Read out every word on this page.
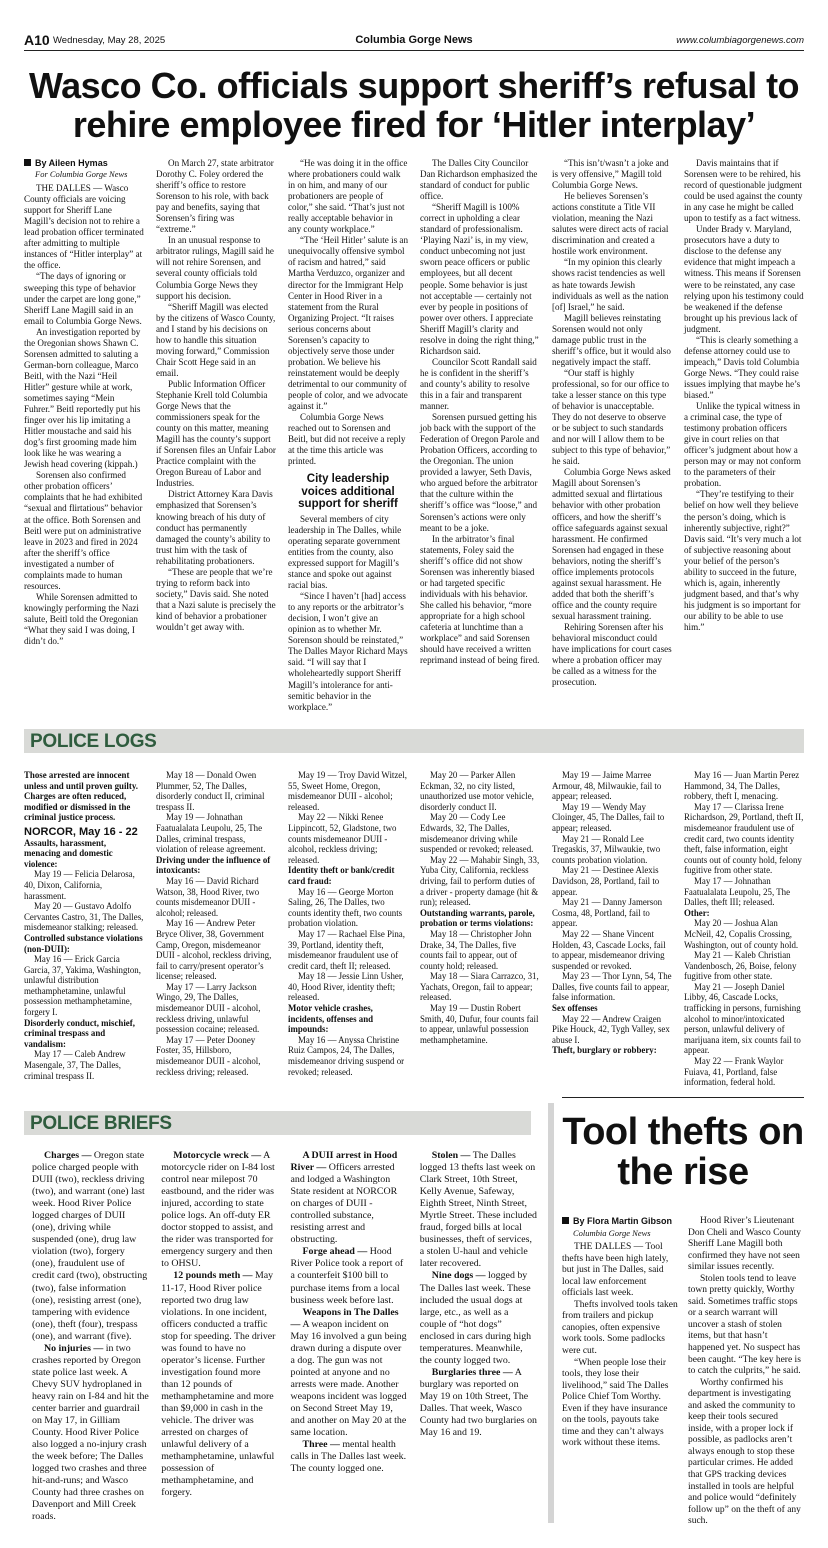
A10 Wednesday, May 28, 2025	Columbia Gorge News	www.columbiagorgenews.com
Wasco Co. officials support sheriff’s refusal to rehire employee fired for ‘Hitler interplay’
By Aileen Hymas
For Columbia Gorge News

THE DALLES — Wasco County officials are voicing support for Sheriff Lane Magill’s decision not to rehire a lead probation officer terminated after admitting to multiple instances of “Hitler interplay” at the office.

“The days of ignoring or sweeping this type of behavior under the carpet are long gone,” Sheriff Lane Magill said in an email to Columbia Gorge News.

An investigation reported by the Oregonian shows Shawn C. Sorensen admitted to saluting a German-born colleague, Marco Beitl, with the Nazi “Heil Hitler” gesture while at work, sometimes saying “Mein Fuhrer.” Beitl reportedly put his finger over his lip imitating a Hitler moustache and said his dog’s first grooming made him look like he was wearing a Jewish head covering (kippah.)

Sorensen also confirmed other probation officers’ complaints that he had exhibited “sexual and flirtatious” behavior at the office. Both Sorensen and Beitl were put on administrative leave in 2023 and fired in 2024 after the sheriff’s office investigated a number of complaints made to human resources.

While Sorensen admitted to knowingly performing the Nazi salute, Beitl told the Oregonian “What they said I was doing, I didn’t do.”

On March 27, state arbitrator Dorothy C. Foley ordered the sheriff’s office to restore Sorenson to his role, with back pay and benefits, saying that Sorensen’s firing was “extreme.”

In an unusual response to arbitrator rulings, Magill said he will not rehire Sorensen, and several county officials told Columbia Gorge News they support his decision.

“Sheriff Magill was elected by the citizens of Wasco County, and I stand by his decisions on how to handle this situation moving forward,” Commission Chair Scott Hege said in an email.

Public Information Officer Stephanie Krell told Columbia Gorge News that the commissioners speak for the county on this matter, meaning Magill has the county’s support if Sorensen files an Unfair Labor Practice complaint with the Oregon Bureau of Labor and Industries.

District Attorney Kara Davis emphasized that Sorensen’s knowing breach of his duty of conduct has permanently damaged the county’s ability to trust him with the task of rehabilitating probationers.

“These are people that we’re trying to reform back into society,” Davis said. She noted that a Nazi salute is precisely the kind of behavior a probationer wouldn’t get away with.

“He was doing it in the office where probationers could walk in on him, and many of our probationers are people of color,” she said. “That’s just not really acceptable behavior in any county workplace.”

“The ‘Heil Hitler’ salute is an unequivocally offensive symbol of racism and hatred,” said Martha Verduzco, organizer and director for the Immigrant Help Center in Hood River in a statement from the Rural Organizing Project. “It raises serious concerns about Sorensen’s capacity to objectively serve those under probation. We believe his reinstatement would be deeply detrimental to our community of people of color, and we advocate against it.”

Columbia Gorge News reached out to Sorensen and Beitl, but did not receive a reply at the time this article was printed.

City leadership voices additional support for sheriff

Several members of city leadership in The Dalles, while operating separate government entities from the county, also expressed support for Magill’s stance and spoke out against racial bias.

“Since I haven’t [had] access to any reports or the arbitrator’s decision, I won’t give an opinion as to whether Mr. Sorenson should be reinstated,” The Dalles Mayor Richard Mays said. “I will say that I wholeheartedly support Sheriff Magill’s intolerance for anti-semitic behavior in the workplace.”

The Dalles City Councilor Dan Richardson emphasized the standard of conduct for public office.

“Sheriff Magill is 100% correct in upholding a clear standard of professionalism. ‘Playing Nazi’ is, in my view, conduct unbecoming not just sworn peace officers or public employees, but all decent people. Some behavior is just not acceptable — certainly not ever by people in positions of power over others. I appreciate Sheriff Magill’s clarity and resolve in doing the right thing,” Richardson said.

Councilor Scott Randall said he is confident in the sheriff’s and county’s ability to resolve this in a fair and transparent manner.

Sorensen pursued getting his job back with the support of the Federation of Oregon Parole and Probation Officers, according to the Oregonian. The union provided a lawyer, Seth Davis, who argued before the arbitrator that the culture within the sheriff’s office was “loose,” and Sorensen’s actions were only meant to be a joke.

In the arbitrator’s final statements, Foley said the sheriff’s office did not show Sorensen was inherently biased or had targeted specific individuals with his behavior. She called his behavior, “more appropriate for a high school cafeteria at lunchtime than a workplace” and said Sorensen should have received a written reprimand instead of being fired.

“This isn’t/wasn’t a joke and is very offensive,” Magill told Columbia Gorge News.

He believes Sorensen’s actions constitute a Title VII violation, meaning the Nazi salutes were direct acts of racial discrimination and created a hostile work environment.

“In my opinion this clearly shows racist tendencies as well as hate towards Jewish individuals as well as the nation [of] Israel,” he said.

Magill believes reinstating Sorensen would not only damage public trust in the sheriff’s office, but it would also negatively impact the staff.

“Our staff is highly professional, so for our office to take a lesser stance on this type of behavior is unacceptable. They do not deserve to observe or be subject to such standards and nor will I allow them to be subject to this type of behavior,” he said.

Columbia Gorge News asked Magill about Sorensen’s admitted sexual and flirtatious behavior with other probation officers, and how the sheriff’s office safeguards against sexual harassment. He confirmed Sorensen had engaged in these behaviors, noting the sheriff’s office implements protocols against sexual harassment. He added that both the sheriff’s office and the county require sexual harassment training.

Rehiring Sorensen after his behavioral misconduct could have implications for court cases where a probation officer may be called as a witness for the prosecution.

Davis maintains that if Sorensen were to be rehired, his record of questionable judgment could be used against the county in any case he might be called upon to testify as a fact witness.

Under Brady v. Maryland, prosecutors have a duty to disclose to the defense any evidence that might impeach a witness. This means if Sorensen were to be reinstated, any case relying upon his testimony could be weakened if the defense brought up his previous lack of judgment.

“This is clearly something a defense attorney could use to impeach,” Davis told Columbia Gorge News. “They could raise issues implying that maybe he’s biased.”

Unlike the typical witness in a criminal case, the type of testimony probation officers give in court relies on that officer’s judgment about how a person may or may not conform to the parameters of their probation.

“They’re testifying to their belief on how well they believe the person’s doing, which is inherently subjective, right?” Davis said. “It’s very much a lot of subjective reasoning about your belief of the person’s ability to succeed in the future, which is, again, inherently judgment based, and that’s why his judgment is so important for our ability to be able to use him.”

POLICE LOGS

Those arrested are innocent unless and until proven guilty. Charges are often reduced, modified or dismissed in the criminal justice process.

NORCOR, May 16 - 22

Assaults, harassment, menacing and domestic violence:

May 19 — Felicia Delarosa, 40, Dixon, California, harassment.

May 20 — Gustavo Adolfo Cervantes Castro, 31, The Dalles, misdemeanor stalking; released.

Controlled substance violations (non-DUII):

May 16 — Erick Garcia Garcia, 37, Yakima, Washington, unlawful distribution methamphetamine, unlawful possession methamphetamine, forgery I.

Disorderly conduct, mischief, criminal trespass and vandalism:

May 17 — Caleb Andrew Masengale, 37, The Dalles, criminal trespass II.

May 18 — Donald Owen Plummer, 52, The Dalles, disorderly conduct II, criminal trespass II.

May 19 — Johnathan Faatualalata Leupolu, 25, The Dalles, criminal trespass, violation of release agreement.

Driving under the influence of intoxicants:

May 16 — David Richard Watson, 38, Hood River, two counts misdemeanor DUII - alcohol; released.

May 16 — Andrew Peter Bryce Oliver, 38, Government Camp, Oregon, misdemeanor DUII - alcohol, reckless driving, fail to carry/present operator’s license; released.

May 17 — Larry Jackson Wingo, 29, The Dalles, misdemeanor DUII - alcohol, reckless driving, unlawful possession cocaine; released.

May 17 — Peter Dooney Foster, 35, Hillsboro, misdemeanor DUII - alcohol, reckless driving; released.

May 19 — Troy David Witzel, 55, Sweet Home, Oregon, misdemeanor DUII - alcohol; released.

May 22 — Nikki Renee Lippincott, 52, Gladstone, two counts misdemeanor DUII - alcohol, reckless driving; released.

Identity theft or bank/credit card fraud:

May 16 — George Morton Saling, 26, The Dalles, two counts identity theft, two counts probation violation.

May 17 — Rachael Else Pina, 39, Portland, identity theft, misdemeanor fraudulent use of credit card, theft II; released.

May 18 — Jessie Linn Usher, 40, Hood River, identity theft; released.

Motor vehicle crashes, incidents, offenses and impounds:

May 16 — Anyssa Christine Ruiz Campos, 24, The Dalles, misdemeanor driving suspend or revoked; released.

May 20 — Parker Allen Eckman, 32, no city listed, unauthorized use motor vehicle, disorderly conduct II.

May 20 — Cody Lee Edwards, 32, The Dalles, misdemeanor driving while suspended or revoked; released.

May 22 — Mahabir Singh, 33, Yuba City, California, reckless driving, fail to perform duties of a driver - property damage (hit & run); released.

Outstanding warrants, parole, probation or terms violations:

May 18 — Christopher John Drake, 34, The Dalles, five counts fail to appear, out of county hold; released.

May 18 — Siara Carrazco, 31, Yachats, Oregon, fail to appear; released.

May 19 — Dustin Robert Smith, 40, Dufur, four counts fail to appear, unlawful possession methamphetamine.

May 19 — Jaime Marree Armour, 48, Milwaukie, fail to appear; released.

May 19 — Wendy May Cloinger, 45, The Dalles, fail to appear; released.

May 21 — Ronald Lee Tregaskis, 37, Milwaukie, two counts probation violation.

May 21 — Destinee Alexis Davidson, 28, Portland, fail to appear.

May 21 — Danny Jamerson Cosma, 48, Portland, fail to appear.

May 22 — Shane Vincent Holden, 43, Cascade Locks, fail to appear, misdemeanor driving suspended or revoked.

May 23 — Thor Lynn, 54, The Dalles, five counts fail to appear, false information.

Sex offenses

May 22 — Andrew Craigen Pike Houck, 42, Tygh Valley, sex abuse I.

Theft, burglary or robbery:

May 16 — Juan Martin Perez Hammond, 34, The Dalles, robbery, theft I, menacing.

May 17 — Clarissa Irene Richardson, 29, Portland, theft II, misdemeanor fraudulent use of credit card, two counts identity theft, false information, eight counts out of county hold, felony fugitive from other state.

May 17 — Johnathan Faatualalata Leupolu, 25, The Dalles, theft III; released.

Other:

May 20 — Joshua Alan McNeil, 42, Copalis Crossing, Washington, out of county hold.

May 21 — Kaleb Christian Vandenbosch, 26, Boise, felony fugitive from other state.

May 21 — Joseph Daniel Libby, 46, Cascade Locks, trafficking in persons, furnishing alcohol to minor/intoxicated person, unlawful delivery of marijuana item, six counts fail to appear.

May 22 — Frank Waylor Fuiava, 41, Portland, false information, federal hold.

POLICE BRIEFS

Charges — Oregon state police charged people with DUII (two), reckless driving (two), and warrant (one) last week. Hood River Police logged charges of DUII (one), driving while suspended (one), drug law violation (two), forgery (one), fraudulent use of credit card (two), obstructing (two), false information (one), resisting arrest (one), tampering with evidence (one), theft (four), trespass (one), and warrant (five).

No injuries — in two crashes reported by Oregon state police last week. A Chevy SUV hydroplaned in heavy rain on I-84 and hit the center barrier and guardrail on May 17, in Gilliam County. Hood River Police also logged a no-injury crash the week before; The Dalles logged two crashes and three hit-and-runs; and Wasco County had three crashes on Davenport and Mill Creek roads.

Motorcycle wreck — A motorcycle rider on I-84 lost control near milepost 70 eastbound, and the rider was injured, according to state police logs. An off-duty ER doctor stopped to assist, and the rider was transported for emergency surgery and then to OHSU.

12 pounds meth — May 11-17, Hood River police reported two drug law violations. In one incident, officers conducted a traffic stop for speeding. The driver was found to have no operator’s license. Further investigation found more than 12 pounds of methamphetamine and more than $9,000 in cash in the vehicle. The driver was arrested on charges of unlawful delivery of a methamphetamine, unlawful possession of methamphetamine, and forgery.

A DUII arrest in Hood River — Officers arrested and lodged a Washington State resident at NORCOR on charges of DUII - controlled substance, resisting arrest and obstructing.

Forge ahead — Hood River Police took a report of a counterfeit $100 bill to purchase items from a local business week before last.

Weapons in The Dalles — A weapon incident on May 16 involved a gun being drawn during a dispute over a dog. The gun was not pointed at anyone and no arrests were made. Another weapons incident was logged on Second Street May 19, and another on May 20 at the same location.

Three — mental health calls in The Dalles last week. The county logged one.

Stolen — The Dalles logged 13 thefts last week on Clark Street, 10th Street, Kelly Avenue, Safeway, Eighth Street, Ninth Street, Myrtle Street. These included fraud, forged bills at local businesses, theft of services, a stolen U-haul and vehicle later recovered.

Nine dogs — logged by The Dalles last week. These included the usual dogs at large, etc., as well as a couple of “hot dogs” enclosed in cars during high temperatures. Meanwhile, the county logged two.

Burglaries three — A burglary was reported on May 19 on 10th Street, The Dalles. That week, Wasco County had two burglaries on May 16 and 19.

Tool thefts on the rise
By Flora Martin Gibson
Columbia Gorge News

THE DALLES — Tool thefts have been high lately, but just in The Dalles, said local law enforcement officials last week.

Thefts involved tools taken from trailers and pickup canopies, often expensive work tools. Some padlocks were cut.

“When people lose their tools, they lose their livelihood,” said The Dalles Police Chief Tom Worthy. Even if they have insurance on the tools, payouts take time and they can’t always work without these items.

Hood River’s Lieutenant Don Cheli and Wasco County Sheriff Lane Magill both confirmed they have not seen similar issues recently.

Stolen tools tend to leave town pretty quickly, Worthy said. Sometimes traffic stops or a search warrant will uncover a stash of stolen items, but that hasn’t happened yet. No suspect has been caught. “The key here is to catch the culprits,” he said.

Worthy confirmed his department is investigating and asked the community to keep their tools secured inside, with a proper lock if possible, as padlocks aren’t always enough to stop these particular crimes. He added that GPS tracking devices installed in tools are helpful and police would “definitely follow up” on the theft of any such.
